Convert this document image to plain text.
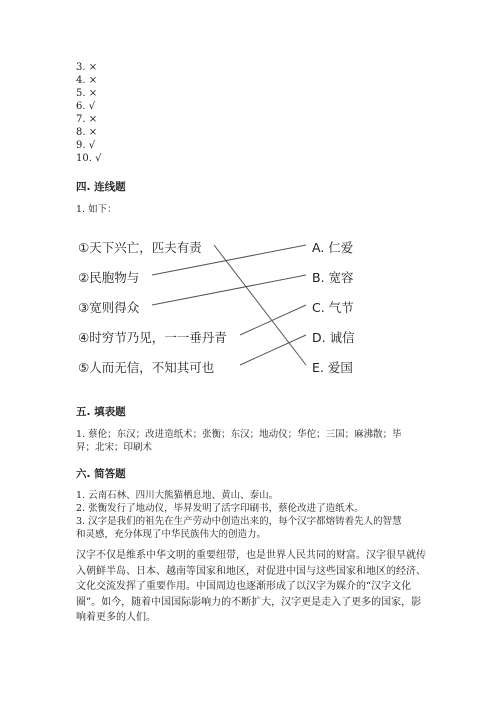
3. ×
4. ×
5. ×
6. √
7. ×
8. ×
9. √
10. √
四. 连线题
1. 如下：
①天下兴亡，匹夫有责
②民胞物与
③宽则得众
④时穷节乃见，一一垂丹青
⑤人而无信，不知其可也
A. 仁爱
B. 宽容
C. 气节
D. 诚信
E. 爱国
五. 填表题
1. 蔡伦；东汉；改进造纸术；张衡；东汉；地动仪；华佗；三国；麻沸散；毕
昇；北宋；印刷术
六. 简答题
1. 云南石林、四川大熊猫栖息地、黄山、泰山。
2. 张衡发行了地动仪，毕昇发明了活字印刷书，蔡伦改进了造纸术。
3. 汉字是我们的祖先在生产劳动中创造出来的，每个汉字都熔铸着先人的智慧
和灵感，充分体现了中华民族伟大的创造力。
汉字不仅是维系中华文明的重要纽带，也是世界人民共同的财富。汉字很早就传入朝鲜半岛、日本、越南等国家和地区，对促进中国与这些国家和地区的经济、文化交流发挥了重要作用。中国周边也逐渐形成了以汉字为媒介的“汉字文化圈”。如今，随着中国国际影响力的不断扩大，汉字更是走入了更多的国家，影响着更多的人们。
